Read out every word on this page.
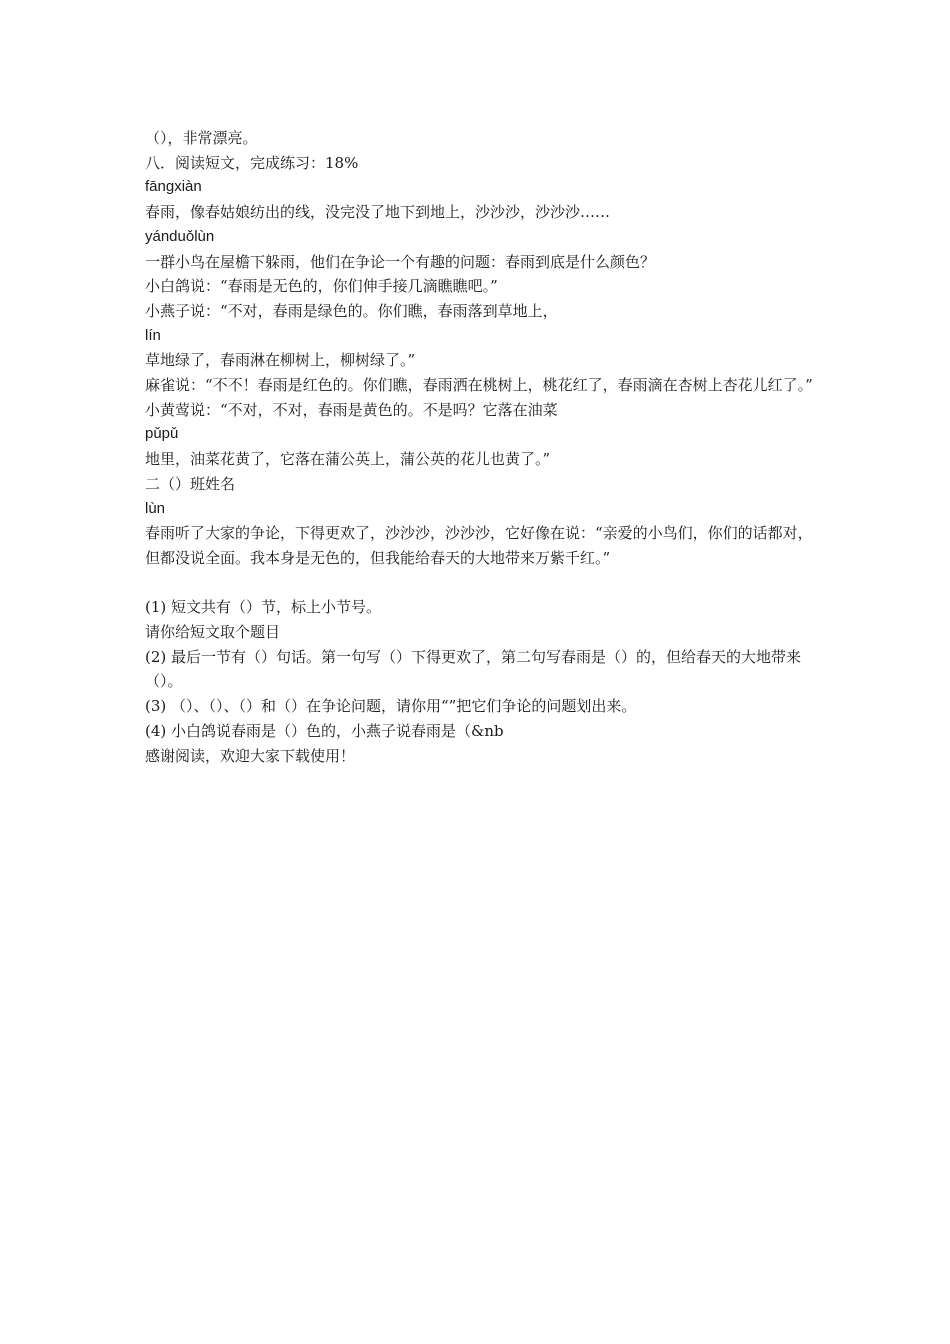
（），非常漂亮。
八．阅读短文，完成练习：18%
fāngxiàn
春雨，像春姑娘纺出的线，没完没了地下到地上，沙沙沙，沙沙沙……
yánduǒlùn
一群小鸟在屋檐下躲雨，他们在争论一个有趣的问题：春雨到底是什么颜色？
小白鸽说：“春雨是无色的，你们伸手接几滴瞧瞧吧。”
小燕子说：“不对，春雨是绿色的。你们瞧，春雨落到草地上，
lín
草地绿了，春雨淋在柳树上，柳树绿了。”
麻雀说：“不不！春雨是红色的。你们瞧，春雨洒在桃树上，桃花红了，春雨滴在杏树上杏花儿红了。”
小黄莺说：“不对，不对，春雨是黄色的。不是吗？它落在油菜
pǔpǔ
地里，油菜花黄了，它落在蒲公英上，蒲公英的花儿也黄了。”
二（）班姓名
lùn
春雨听了大家的争论，下得更欢了，沙沙沙，沙沙沙，它好像在说：“亲爱的小鸟们，你们的话都对，但都没说全面。我本身是无色的，但我能给春天的大地带来万紫千红。”
(1) 短文共有（）节，标上小节号。
请你给短文取个题目
(2) 最后一节有（）句话。第一句写（）下得更欢了，第二句写春雨是（）的，但给春天的大地带来（）。
(3) （）、（）、（）和（）在争论问题，请你用“”把它们争论的问题划出来。
(4) 小白鸽说春雨是（）色的，小燕子说春雨是（&nb
感谢阅读，欢迎大家下载使用！
